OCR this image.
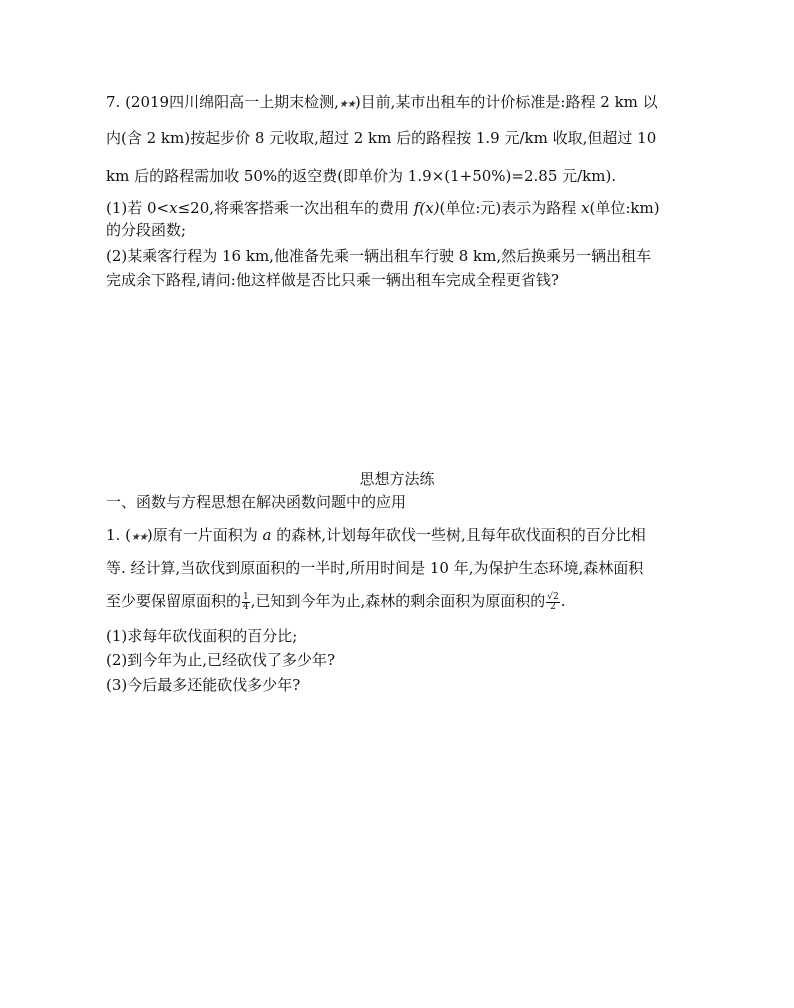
7. (2019四川绵阳高一上期末检测,★★)目前,某市出租车的计价标准是:路程 2 km 以
内(含 2 km)按起步价 8 元收取,超过 2 km 后的路程按 1.9 元/km 收取,但超过 10
km 后的路程需加收 50%的返空费(即单价为 1.9×(1+50%)=2.85 元/km).
(1)若 0<x≤20,将乘客搭乘一次出租车的费用 f(x)(单位:元)表示为路程 x(单位:km)
的分段函数;
(2)某乘客行程为 16 km,他准备先乘一辆出租车行驶 8 km,然后换乘另一辆出租车
完成余下路程,请问:他这样做是否比只乘一辆出租车完成全程更省钱?
思想方法练
一、函数与方程思想在解决函数问题中的应用
1. (★★)原有一片面积为 a 的森林,计划每年砍伐一些树,且每年砍伐面积的百分比相
等. 经计算,当砍伐到原面积的一半时,所用时间是 10 年,为保护生态环境,森林面积
至少要保留原面积的 $\frac{1}{4}$ ,已知到今年为止,森林的剩余面积为原面积的 $\frac{√2}{2}$ .
(1)求每年砍伐面积的百分比;
(2)到今年为止,已经砍伐了多少年?
(3)今后最多还能砍伐多少年?
